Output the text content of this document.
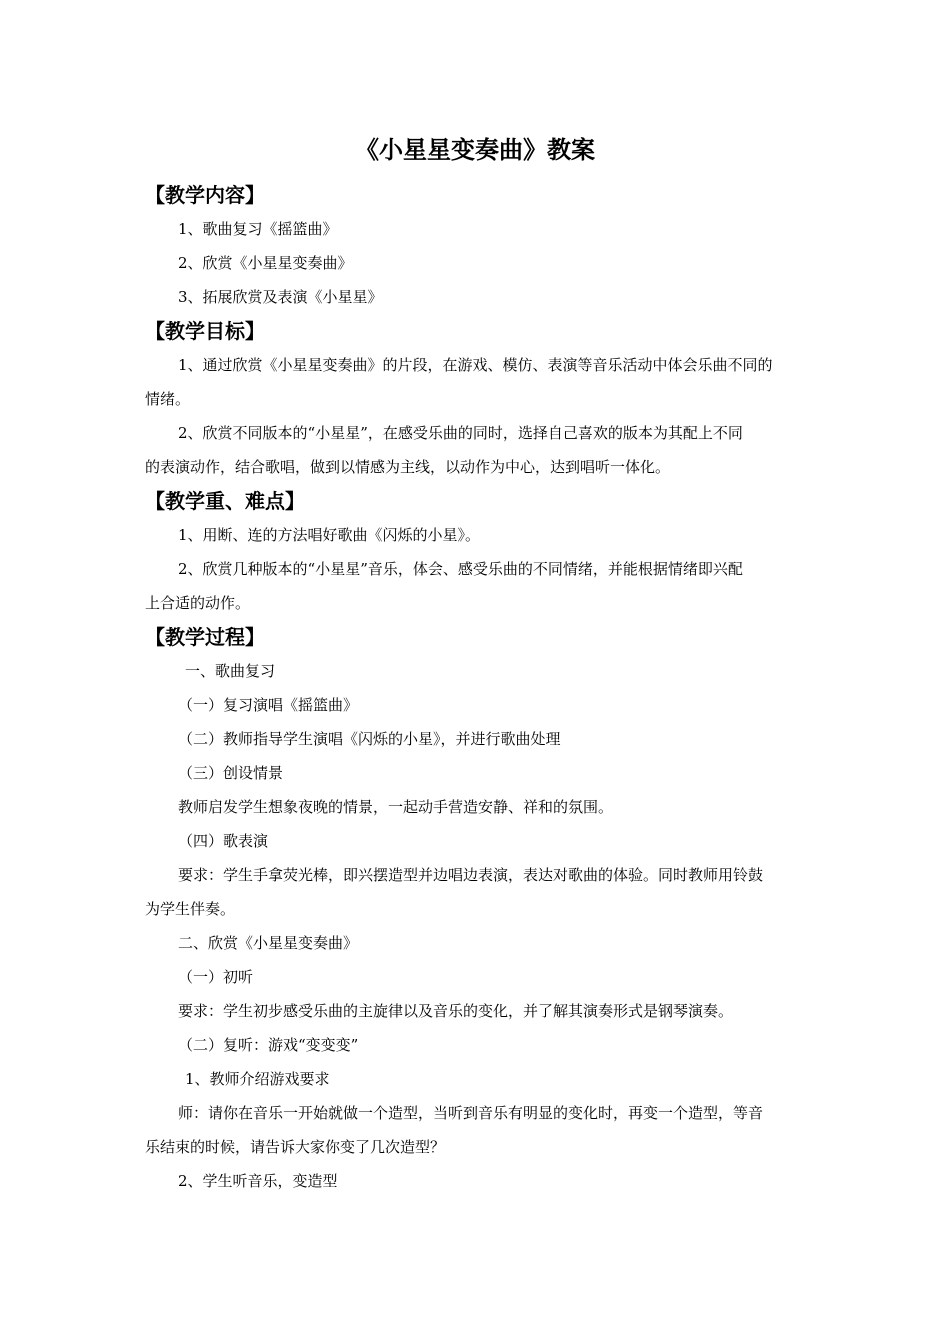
《小星星变奏曲》教案
【教学内容】

1、歌曲复习《摇篮曲》

2、欣赏《小星星变奏曲》

3、拓展欣赏及表演《小星星》

【教学目标】

1、通过欣赏《小星星变奏曲》的片段，在游戏、模仿、表演等音乐活动中体会乐曲不同的

情绪。

2、欣赏不同版本的“小星星”，在感受乐曲的同时，选择自己喜欢的版本为其配上不同

的表演动作，结合歌唱，做到以情感为主线，以动作为中心，达到唱听一体化。

【教学重、难点】

1、用断、连的方法唱好歌曲《闪烁的小星》。

2、欣赏几种版本的“小星星”音乐，体会、感受乐曲的不同情绪，并能根据情绪即兴配

上合适的动作。

【教学过程】

一、歌曲复习

（一）复习演唱《摇篮曲》

（二）教师指导学生演唱《闪烁的小星》，并进行歌曲处理

（三）创设情景

教师启发学生想象夜晚的情景，一起动手营造安静、祥和的氛围。

（四）歌表演

要求：学生手拿荧光棒，即兴摆造型并边唱边表演，表达对歌曲的体验。同时教师用铃鼓

为学生伴奏。

二、欣赏《小星星变奏曲》

（一）初听

要求：学生初步感受乐曲的主旋律以及音乐的变化，并了解其演奏形式是钢琴演奏。

（二）复听：游戏“变变变”

1、教师介绍游戏要求

师：请你在音乐一开始就做一个造型，当听到音乐有明显的变化时，再变一个造型，等音

乐结束的时候，请告诉大家你变了几次造型？

2、学生听音乐，变造型
